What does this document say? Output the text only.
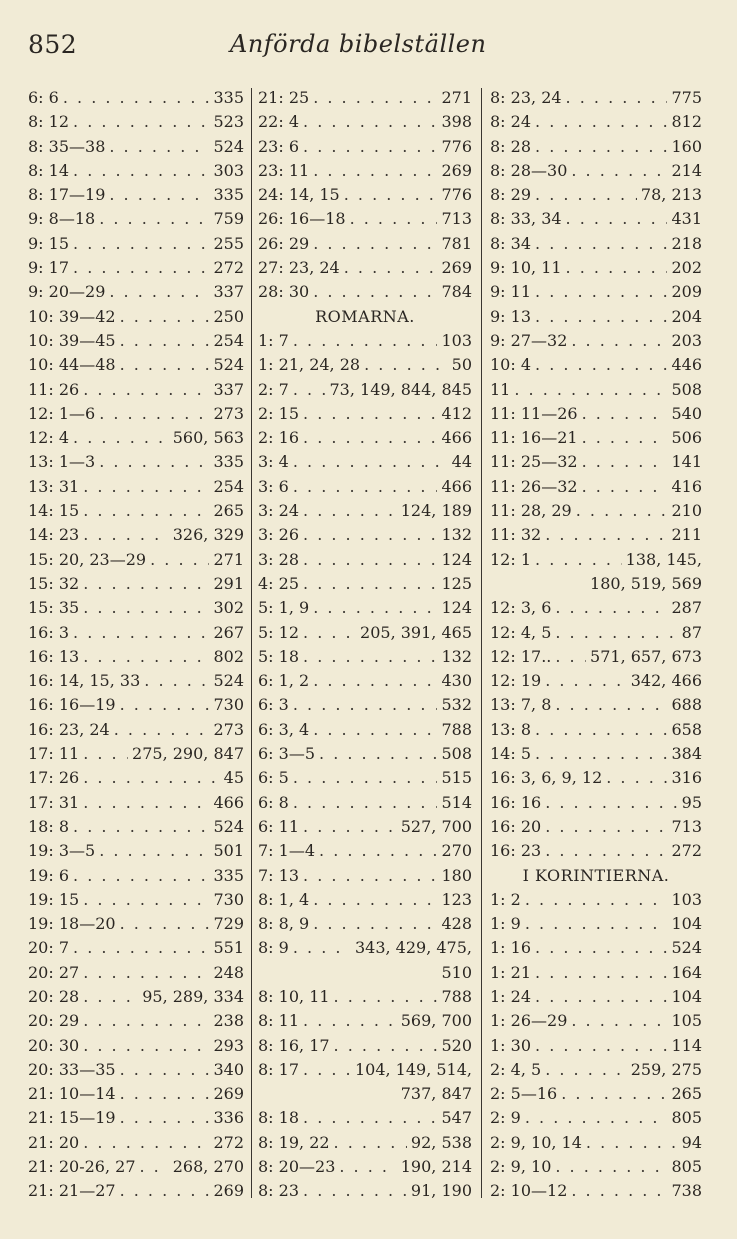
852	Anförda bibelställen
6: 6 . . .	335
8: 12 . . .	523
8: 35—38 . . .	524
8: 14 . . .	303
8: 17—19 . . .	335
9: 8—18 . . .	759
9: 15 . . .	255
9: 17 . . .	272
9: 20—29 . . .	337
10: 39—42 . . .	250
10: 39—45 . . .	254
10: 44—48 . . .	524
11: 26 . . .	337
12: 1—6 . . .	273
12: 4 . . .	560, 563
13: 1—3 . . .	335
13: 31 . . .	254
14: 15 . . .	265
14: 23 . . .	326, 329
15: 20, 23—29 . . .	271
15: 32 . . .	291
15: 35 . . .	302
16: 3 . . .	267
16: 13 . . .	802
16: 14, 15, 33 . . .	524
16: 16—19 . . .	730
16: 23, 24 . . .	273
17: 11 . . .	275, 290, 847
17: 26 . . .	45
17: 31 . . .	466
18: 8 . . .	524
19: 3—5 . . .	501
19: 6 . . .	335
19: 15 . . .	730
19: 18—20 . . .	729
20: 7 . . .	551
20: 27 . . .	248
20: 28 . . .	95, 289, 334
20: 29 . . .	238
20: 30 . . .	293
20: 33—35 . . .	340
21: 10—14 . . .	269
21: 15—19 . . .	336
21: 20 . . .	272
21: 20-26, 27 . . . 268, 270
21: 21—27 . . .	269
21: 25 . . .	271
22: 4 . . .	398
23: 6 . . .	776
23: 11 . . .	269
24: 14, 15 . . .	776
26: 16—18 . . .	713
26: 29 . . .	781
27: 23, 24 . . .	269
28: 30 . . .	784
ROMARNA.
1: 7 . . .	103
1: 21, 24, 28 . . .	50
2: 7 . . .	73, 149, 844, 845
2: 15 . . .	412
2: 16 . . .	466
3: 4 . . .	44
3: 6 . . .	466
3: 24 . . .	124, 189
3: 26 . . .	132
3: 28 . . .	124
4: 25 . . .	125
5: 1, 9 . . .	124
5: 12 . . .	205, 391, 465
5: 18 . . .	132
6: 1, 2 . . .	430
6: 3 . . .	532
6: 3, 4 . . .	788
6: 3—5 . . .	508
6: 5 . . .	515
6: 8 . . .	514
6: 11 . . .	527, 700
7: 1—4 . . .	270
7: 13 . . .	180
8: 1, 4 . . .	123
8: 8, 9 . . .	428
8: 9 . . .	343, 429, 475,
510
8: 10, 11 . . .	788
8: 11 . . .	569, 700
8: 16, 17 . . .	520
8: 17 . . .	104, 149, 514,
737, 847
8: 18 . . .	547
8: 19, 22 . . .	92, 538
8: 20—23 . . .	190, 214
8: 23 . . .	91, 190
8: 23, 24 . . .	775
8: 24 . . .	812
8: 28 . . .	160
8: 28—30 . . .	214
8: 29 . . .	78, 213
8: 33, 34 . . .	431
8: 34 . . .	218
9: 10, 11 . . .	202
9: 11 . . .	209
9: 13 . . .	204
9: 27—32 . . .	203
10: 4 . . .	446
11 . . .	508
11: 11—26 . . .	540
11: 16—21 . . .	506
11: 25—32 . . .	141
11: 26—32 . . .	416
11: 28, 29 . . .	210
11: 32 . . .	211
12: 1 . . .	138, 145,
180, 519, 569
12: 3, 6 . . .	287
12: 4, 5 . . .	87
12: 17.. . . . 571, 657, 673
12: 19 . . .	342, 466
13: 7, 8 . . .	688
13: 8 . . .	658
14: 5 . . .	384
16: 3, 6, 9, 12 . . .	316
16: 16 . . .	95
16: 20 . . .	713
16: 23 . . .	272
I KORINTIERNA.
1: 2 . . .	103
1: 9 . . .	104
1: 16 . . .	524
1: 21 . . .	164
1: 24 . . .	104
1: 26—29 . . .	105
1: 30 . . .	114
2: 4, 5 . . .	259, 275
2: 5—16 . . .	265
2: 9 . . .	805
2: 9, 10, 14 . . .	94
2: 9, 10 . . .	805
2: 10—12 . . .	738
